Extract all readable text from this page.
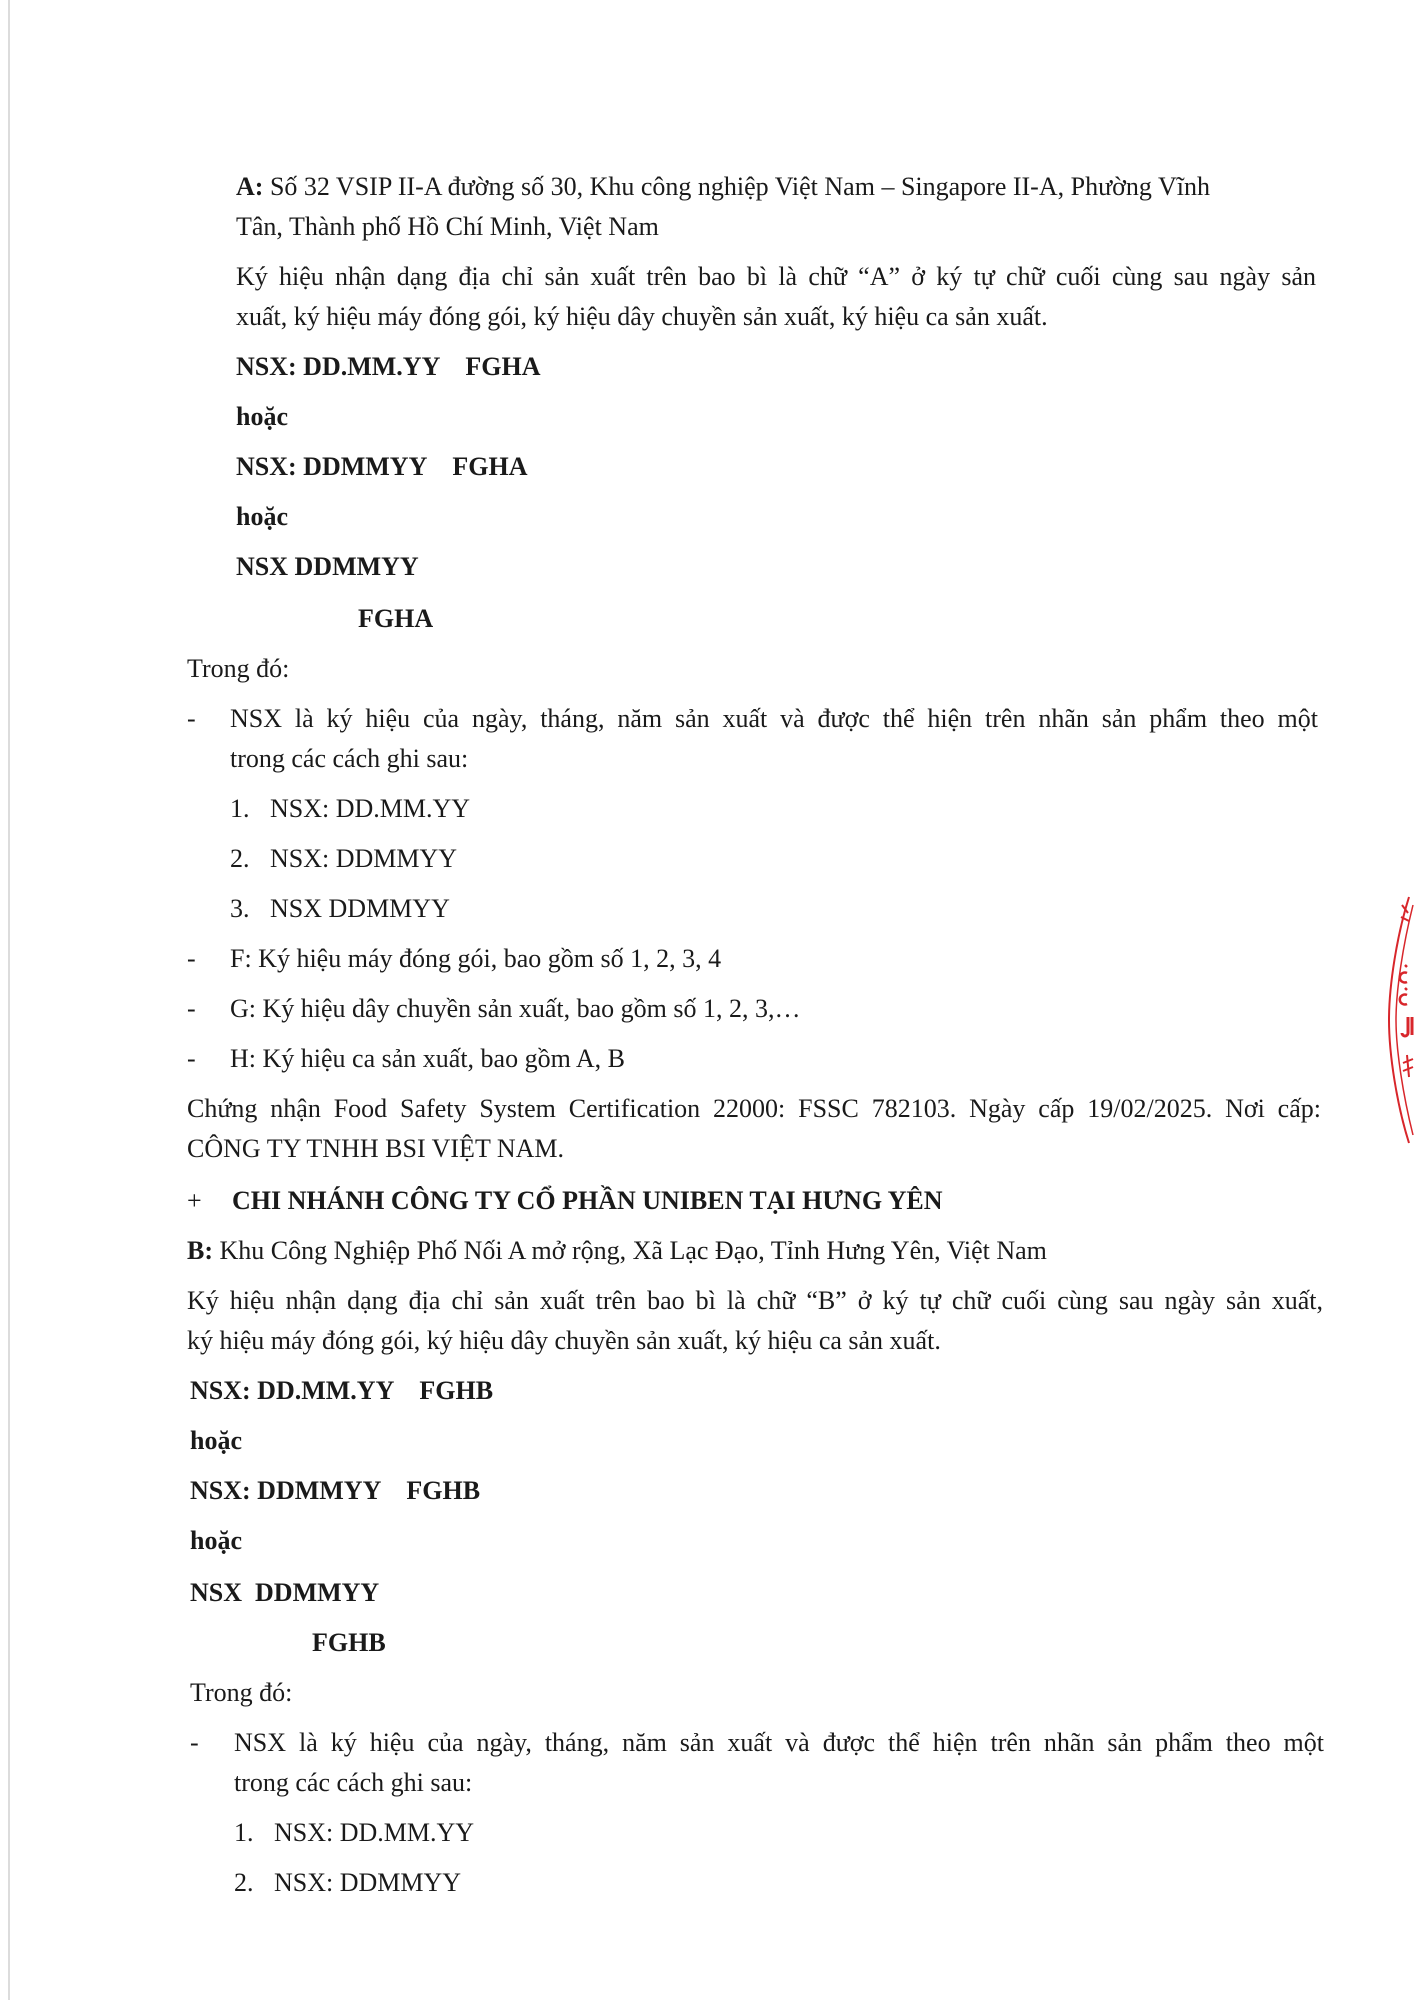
A: Số 32 VSIP II-A đường số 30, Khu công nghiệp Việt Nam – Singapore II-A, Phường Vĩnh
Tân, Thành phố Hồ Chí Minh, Việt Nam
Ký hiệu nhận dạng địa chỉ sản xuất trên bao bì là chữ “A” ở ký tự chữ cuối cùng sau ngày sản
xuất, ký hiệu máy đóng gói, ký hiệu dây chuyền sản xuất, ký hiệu ca sản xuất.
NSX: DD.MM.YY    FGHA
hoặc
NSX: DDMMYY    FGHA
hoặc
NSX DDMMYY
FGHA
Trong đó:
- NSX là ký hiệu của ngày, tháng, năm sản xuất và được thể hiện trên nhãn sản phẩm theo một
trong các cách ghi sau:
1. NSX: DD.MM.YY
2. NSX: DDMMYY
3. NSX DDMMYY
- F: Ký hiệu máy đóng gói, bao gồm số 1, 2, 3, 4
- G: Ký hiệu dây chuyền sản xuất, bao gồm số 1, 2, 3,…
- H: Ký hiệu ca sản xuất, bao gồm A, B
Chứng nhận Food Safety System Certification 22000: FSSC 782103. Ngày cấp 19/02/2025. Nơi cấp:
CÔNG TY TNHH BSI VIỆT NAM.
+ CHI NHÁNH CÔNG TY CỔ PHẦN UNIBEN TẠI HƯNG YÊN
B: Khu Công Nghiệp Phố Nối A mở rộng, Xã Lạc Đạo, Tỉnh Hưng Yên, Việt Nam
Ký hiệu nhận dạng địa chỉ sản xuất trên bao bì là chữ “B” ở ký tự chữ cuối cùng sau ngày sản xuất,
ký hiệu máy đóng gói, ký hiệu dây chuyền sản xuất, ký hiệu ca sản xuất.
NSX: DD.MM.YY    FGHB
hoặc
NSX: DDMMYY    FGHB
hoặc
NSX  DDMMYY
FGHB
Trong đó:
- NSX là ký hiệu của ngày, tháng, năm sản xuất và được thể hiện trên nhãn sản phẩm theo một
trong các cách ghi sau:
1. NSX: DD.MM.YY
2. NSX: DDMMYY
